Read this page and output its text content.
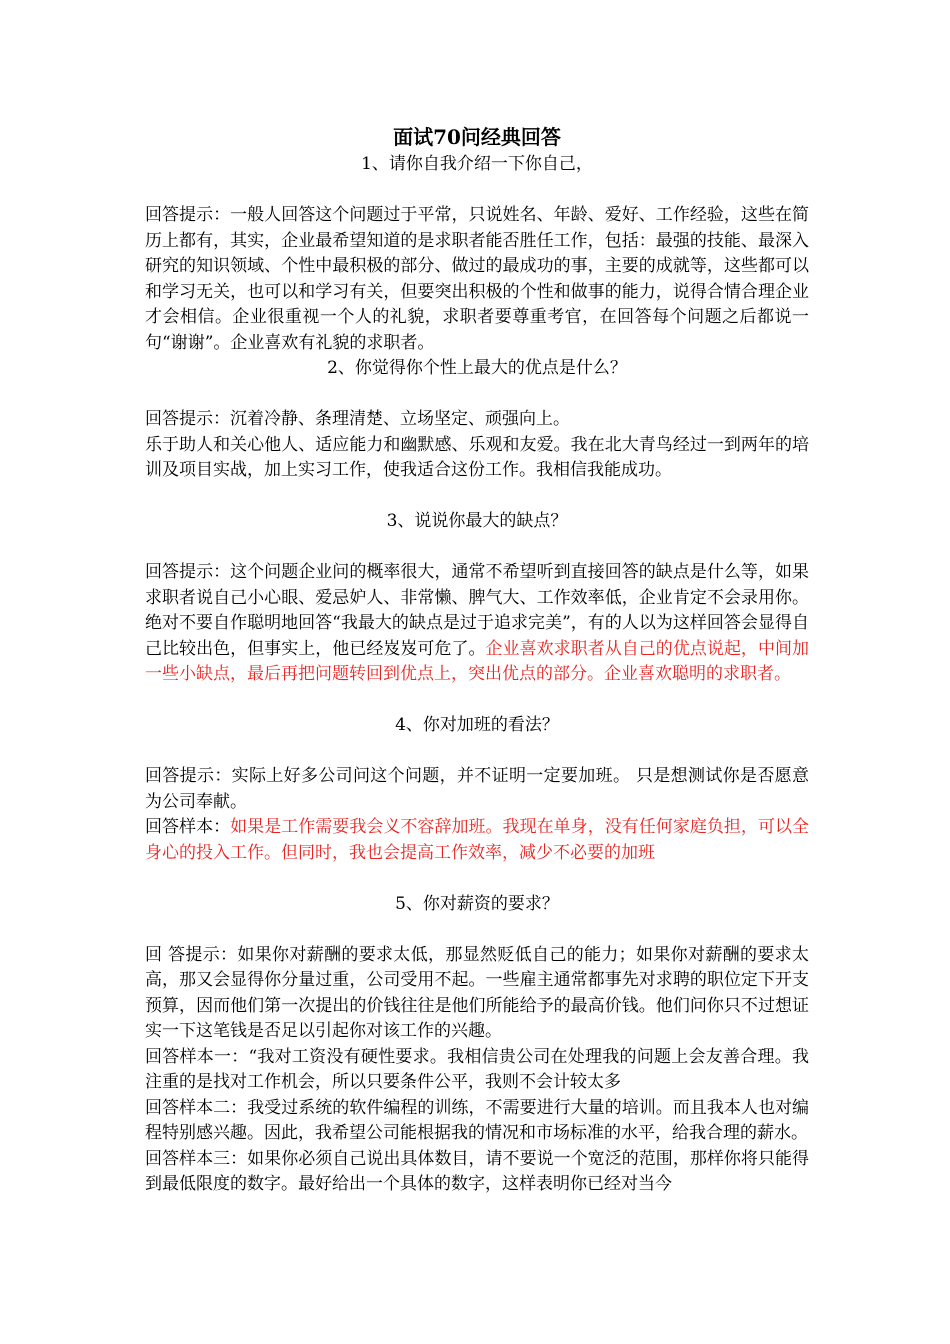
面试70问经典回答

1、请你自我介绍一下你自己，

回答提示：一般人回答这个问题过于平常，只说姓名、年龄、爱好、工作经验，这些在简历上都有，其实，企业最希望知道的是求职者能否胜任工作，包括：最强的技能、最深入研究的知识领域、个性中最积极的部分、做过的最成功的事，主要的成就等，这些都可以和学习无关，也可以和学习有关，但要突出积极的个性和做事的能力，说得合情合理企业才会相信。企业很重视一个人的礼貌，求职者要尊重考官，在回答每个问题之后都说一句“谢谢”。企业喜欢有礼貌的求职者。

2、你觉得你个性上最大的优点是什么？

回答提示：沉着冷静、条理清楚、立场坚定、顽强向上。

乐于助人和关心他人、适应能力和幽默感、乐观和友爱。我在北大青鸟经过一到两年的培训及项目实战，加上实习工作，使我适合这份工作。我相信我能成功。

3、说说你最大的缺点？

回答提示：这个问题企业问的概率很大，通常不希望听到直接回答的缺点是什么等，如果求职者说自己小心眼、爱忌妒人、非常懒、脾气大、工作效率低，企业肯定不会录用你。绝对不要自作聪明地回答“我最大的缺点是过于追求完美”，有的人以为这样回答会显得自己比较出色，但事实上，他已经岌岌可危了。企业喜欢求职者从自己的优点说起，中间加一些小缺点，最后再把问题转回到优点上，突出优点的部分。企业喜欢聪明的求职者。

4、你对加班的看法？

回答提示：实际上好多公司问这个问题，并不证明一定要加班。 只是想测试你是否愿意为公司奉献。

回答样本：如果是工作需要我会义不容辞加班。我现在单身，没有任何家庭负担，可以全身心的投入工作。但同时，我也会提高工作效率，减少不必要的加班

5、你对薪资的要求？

回 答提示：如果你对薪酬的要求太低，那显然贬低自己的能力；如果你对薪酬的要求太高，那又会显得你分量过重，公司受用不起。一些雇主通常都事先对求聘的职位定下开支预算，因而他们第一次提出的价钱往往是他们所能给予的最高价钱。他们问你只不过想证实一下这笔钱是否足以引起你对该工作的兴趣。

回答样本一：“我对工资没有硬性要求。我相信贵公司在处理我的问题上会友善合理。我注重的是找对工作机会，所以只要条件公平，我则不会计较太多

回答样本二：我受过系统的软件编程的训练，不需要进行大量的培训。而且我本人也对编程特别感兴趣。因此，我希望公司能根据我的情况和市场标准的水平，给我合理的薪水。

回答样本三：如果你必须自己说出具体数目，请不要说一个宽泛的范围，那样你将只能得到最低限度的数字。最好给出一个具体的数字，这样表明你已经对当今
